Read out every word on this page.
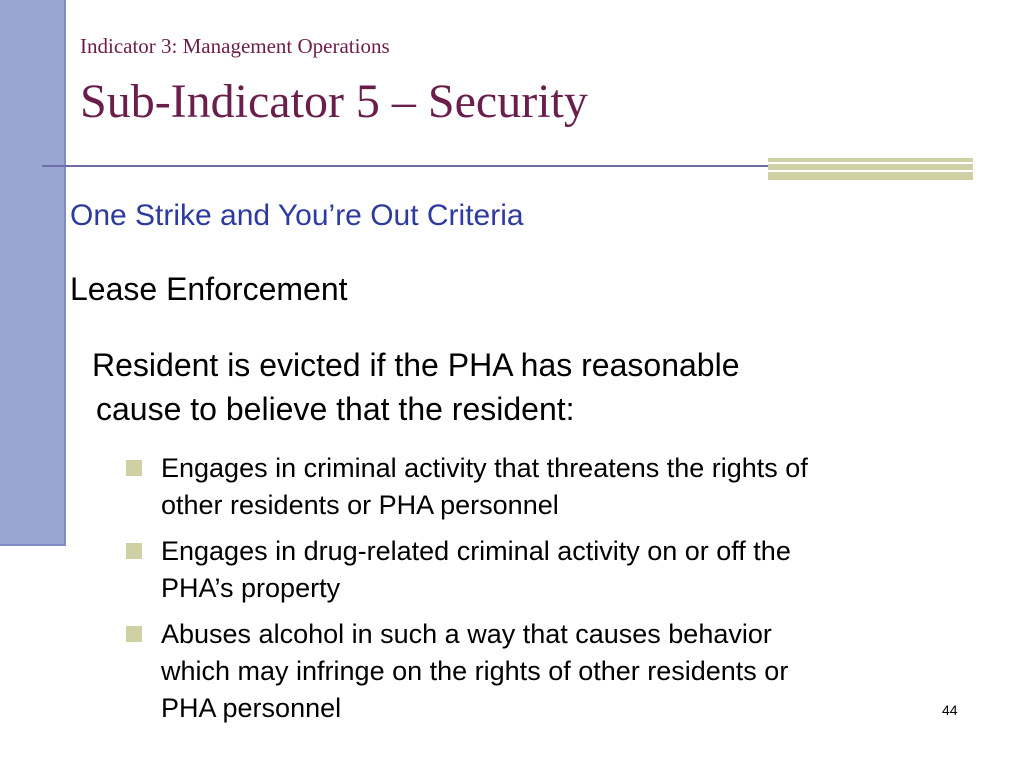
Indicator 3: Management Operations
Sub-Indicator 5 – Security
One Strike and You’re Out Criteria
Lease Enforcement
Resident is evicted if the PHA has reasonable
cause to believe that the resident:
Engages in criminal activity that threatens the rights of
other residents or PHA personnel
Engages in drug-related criminal activity on or off the
PHA’s property
Abuses alcohol in such a way that causes behavior
which may infringe on the rights of other residents or
PHA personnel	44
